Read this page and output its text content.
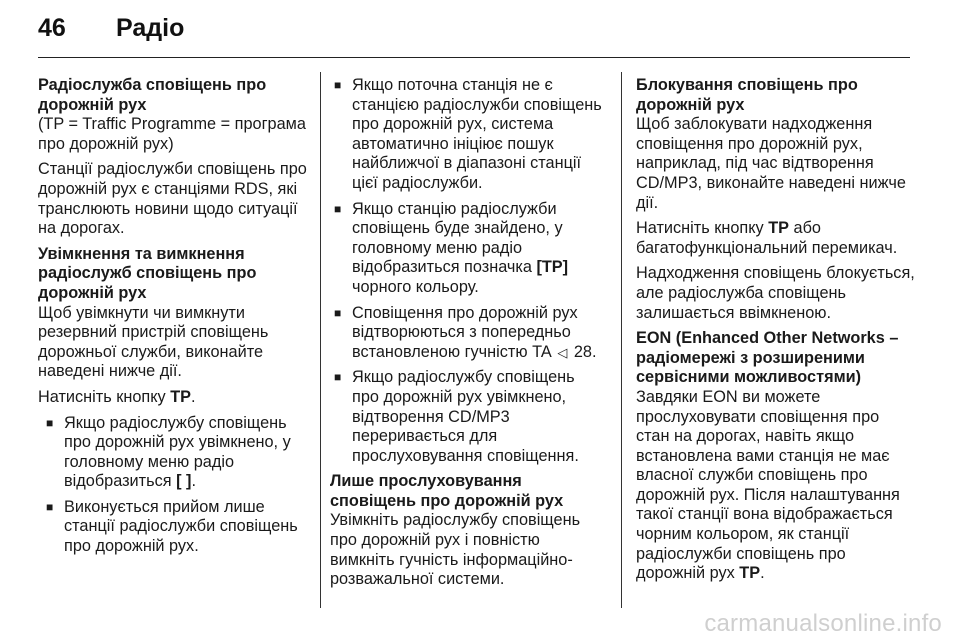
46	Радіо
Радіослужба сповіщень про дорожній рух
(TP = Traffic Programme = програма про дорожній рух)
Станції радіослужби сповіщень про дорожній рух є станціями RDS, які транслюють новини щодо ситуації на дорогах.
Увімкнення та вимкнення радіослужб сповіщень про дорожній рух
Щоб увімкнути чи вимкнути резервний пристрій сповіщень дорожньої служби, виконайте наведені нижче дії.
Натисніть кнопку TP.
■ Якщо радіослужбу сповіщень про дорожній рух увімкнено, у головному меню радіо відобразиться [ ].
■ Виконується прийом лише станції радіослужби сповіщень про дорожній рух.
■ Якщо поточна станція не є станцією радіослужби сповіщень про дорожній рух, система автоматично ініціює пошук найближчої в діапазоні станції цієї радіослужби.
■ Якщо станцію радіослужби сповіщень буде знайдено, у головному меню радіо відобразиться позначка [TP] чорного кольору.
■ Сповіщення про дорожній рух відтворюються з попередньо встановленою гучністю TA ◁ 28.
■ Якщо радіослужбу сповіщень про дорожній рух увімкнено, відтворення CD/MP3 переривається для прослуховування сповіщення.
Лише прослуховування сповіщень про дорожній рух
Увімкніть радіослужбу сповіщень про дорожній рух і повністю вимкніть гучність інформаційно-розважальної системи.
Блокування сповіщень про дорожній рух
Щоб заблокувати надходження сповіщення про дорожній рух, наприклад, під час відтворення CD/MP3, виконайте наведені нижче дії.
Натисніть кнопку TP або багатофункціональний перемикач.
Надходження сповіщень блокується, але радіослужба сповіщень залишається ввімкненою.
EON (Enhanced Other Networks – радіомережі з розширеними сервісними можливостями)
Завдяки EON ви можете прослуховувати сповіщення про стан на дорогах, навіть якщо встановлена вами станція не має власної служби сповіщень про дорожній рух. Після налаштування такої станції вона відображається чорним кольором, як станції радіослужби сповіщень про дорожній рух TP.
carmanualsonline.info
